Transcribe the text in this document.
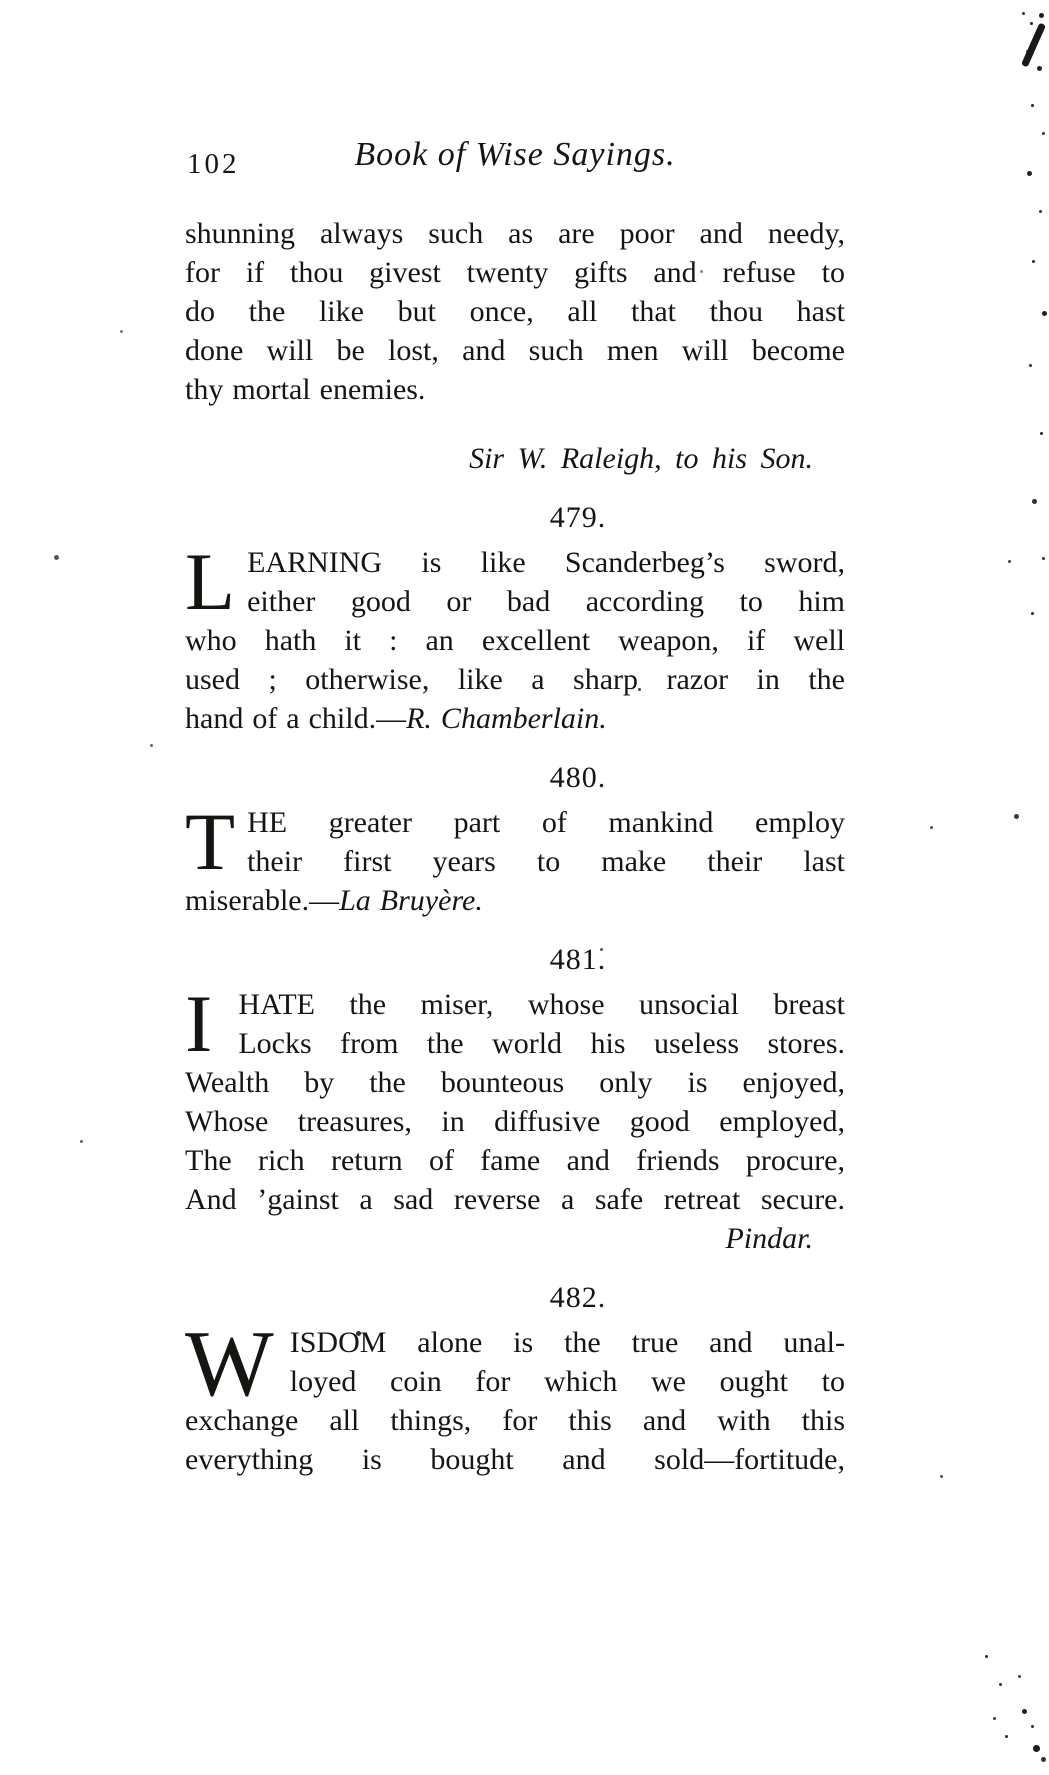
102	Book of Wise Sayings.
shunning always such as are poor and needy,
for if thou givest twenty gifts and refuse to
do the like but once, all that thou hast
done will be lost, and such men will become
thy mortal enemies.
Sir W. Raleigh, to his Son.
479.
L EARNING is like Scanderbeg’s sword,
either good or bad according to him
who hath it : an excellent weapon, if well
used ; otherwise, like a sharp razor in the
hand of a child.—R. Chamberlain.
480.
T HE greater part of mankind employ
their first years to make their last
miserable.—La Bruyère.
481.
I HATE the miser, whose unsocial breast
Locks from the world his useless stores.
Wealth by the bounteous only is enjoyed,
Whose treasures, in diffusive good employed,
The rich return of fame and friends procure,
And ’gainst a sad reverse a safe retreat secure.
Pindar.
482.
W ISDOM alone is the true and unal-
loyed coin for which we ought to
exchange all things, for this and with this
everything is bought and sold—fortitude,
